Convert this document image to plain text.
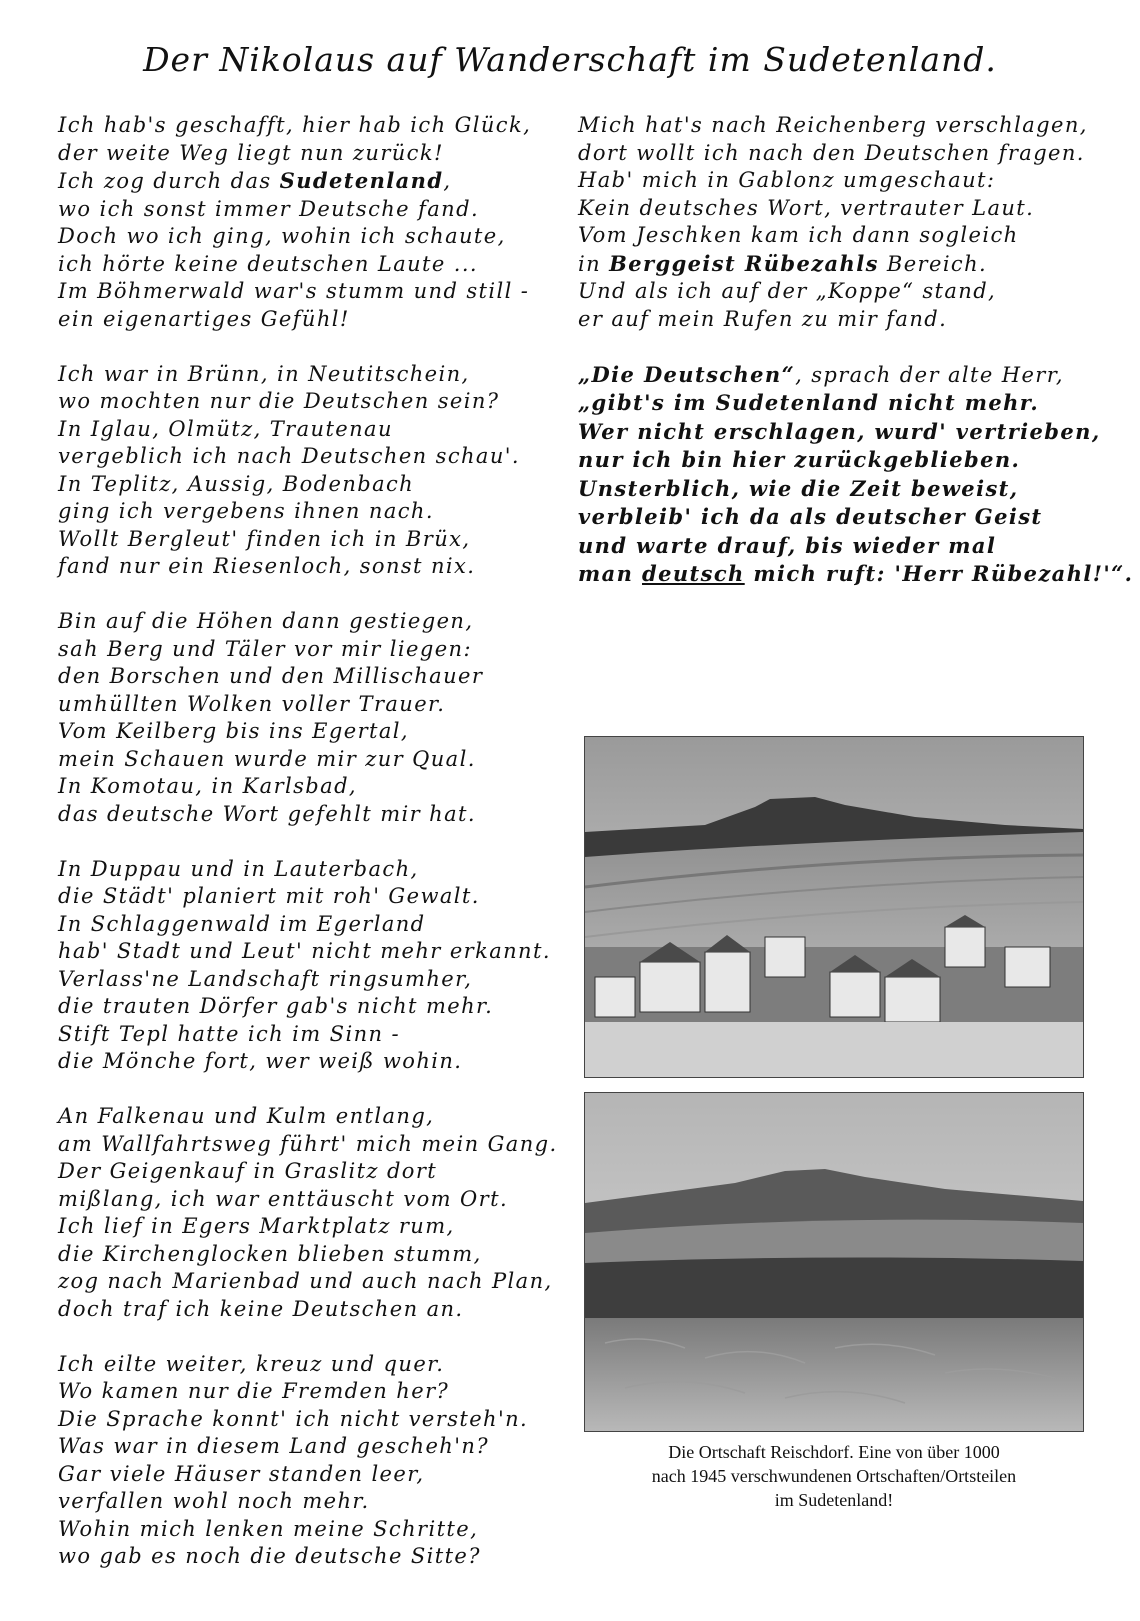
Der Nikolaus auf Wanderschaft im Sudetenland.
Ich hab's geschafft, hier hab ich Glück,
der weite Weg liegt nun zurück!
Ich zog durch das Sudetenland,
wo ich sonst immer Deutsche fand.
Doch wo ich ging, wohin ich schaute,
ich hörte keine deutschen Laute ...
Im Böhmerwald war's stumm und still -
ein eigenartiges Gefühl!
Ich war in Brünn, in Neutitschein,
wo mochten nur die Deutschen sein?
In Iglau, Olmütz, Trautenau
vergeblich ich nach Deutschen schau'.
In Teplitz, Aussig, Bodenbach
ging ich vergebens ihnen nach.
Wollt Bergleut' finden ich in Brüx,
fand nur ein Riesenloch, sonst nix.
Bin auf die Höhen dann gestiegen,
sah Berg und Täler vor mir liegen:
den Borschen und den Millischauer
umhüllten Wolken voller Trauer.
Vom Keilberg bis ins Egertal,
mein Schauen wurde mir zur Qual.
In Komotau, in Karlsbad,
das deutsche Wort gefehlt mir hat.
In Duppau und in Lauterbach,
die Städt' planiert mit roh' Gewalt.
In Schlaggenwald im Egerland
hab' Stadt und Leut' nicht mehr erkannt.
Verlass'ne Landschaft ringsumher,
die trauten Dörfer gab's nicht mehr.
Stift Tepl hatte ich im Sinn -
die Mönche fort, wer weiß wohin.
An Falkenau und Kulm entlang,
am Wallfahrtsweg führt' mich mein Gang.
Der Geigenkauf in Graslitz dort
mißlang, ich war enttäuscht vom Ort.
Ich lief in Egers Marktplatz rum,
die Kirchenglocken blieben stumm,
zog nach Marienbad und auch nach Plan,
doch traf ich keine Deutschen an.
Ich eilte weiter, kreuz und quer.
Wo kamen nur die Fremden her?
Die Sprache konnt' ich nicht versteh'n.
Was war in diesem Land gescheh'n?
Gar viele Häuser standen leer,
verfallen wohl noch mehr.
Wohin mich lenken meine Schritte,
wo gab es noch die deutsche Sitte?
Mich hat's nach Reichenberg verschlagen,
dort wollt ich nach den Deutschen fragen.
Hab' mich in Gablonz umgeschaut:
Kein deutsches Wort, vertrauter Laut.
Vom Jeschken kam ich dann sogleich
in Berggeist Rübezahls Bereich.
Und als ich auf der „Koppe“ stand,
er auf mein Rufen zu mir fand.
„Die Deutschen“, sprach der alte Herr,
„gibt's im Sudetenland nicht mehr.
Wer nicht erschlagen, wurd' vertrieben,
nur ich bin hier zurückgeblieben.
Unsterblich, wie die Zeit beweist,
verbleib' ich da als deutscher Geist
und warte drauf, bis wieder mal
man deutsch mich ruft: 'Herr Rübezahl!'“.
Die Ortschaft Reischdorf. Eine von über 1000
nach 1945 verschwundenen Ortschaften/Ortsteilen
im Sudetenland!
